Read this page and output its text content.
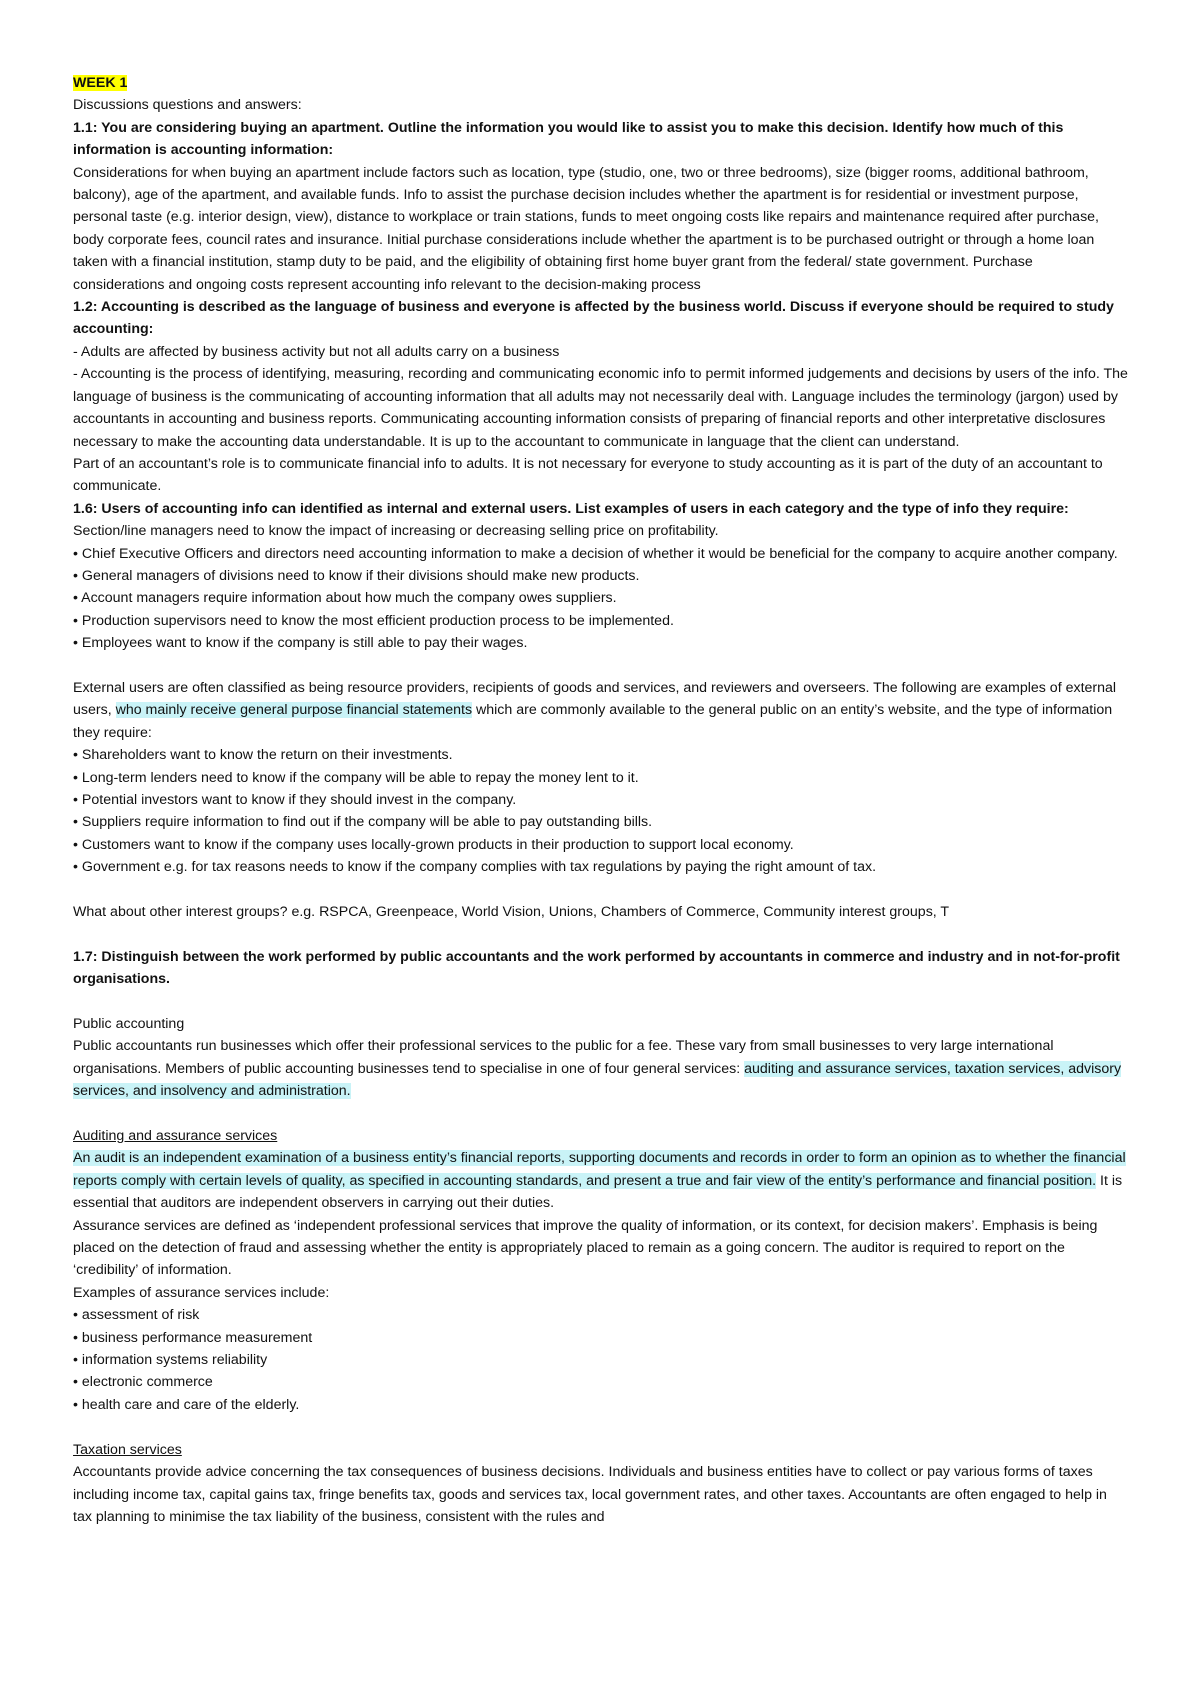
WEEK 1

Discussions questions and answers:

1.1: You are considering buying an apartment. Outline the information you would like to assist you to make this decision. Identify how much of this information is accounting information:

Considerations for when buying an apartment include factors such as location, type (studio, one, two or three bedrooms), size (bigger rooms, additional bathroom, balcony), age of the apartment, and available funds. Info to assist the purchase decision includes whether the apartment is for residential or investment purpose, personal taste (e.g. interior design, view), distance to workplace or train stations, funds to meet ongoing costs like repairs and maintenance required after purchase, body corporate fees, council rates and insurance. Initial purchase considerations include whether the apartment is to be purchased outright or through a home loan taken with a financial institution, stamp duty to be paid, and the eligibility of obtaining first home buyer grant from the federal/ state government. Purchase considerations and ongoing costs represent accounting info relevant to the decision-making process

1.2: Accounting is described as the language of business and everyone is affected by the business world. Discuss if everyone should be required to study accounting:

- Adults are affected by business activity but not all adults carry on a business

- Accounting is the process of identifying, measuring, recording and communicating economic info to permit informed judgements and decisions by users of the info. The language of business is the communicating of accounting information that all adults may not necessarily deal with. Language includes the terminology (jargon) used by accountants in accounting and business reports. Communicating accounting information consists of preparing of financial reports and other interpretative disclosures necessary to make the accounting data understandable. It is up to the accountant to communicate in language that the client can understand.

Part of an accountant’s role is to communicate financial info to adults. It is not necessary for everyone to study accounting as it is part of the duty of an accountant to communicate.

1.6: Users of accounting info can identified as internal and external users. List examples of users in each category and the type of info they require:

Section/line managers need to know the impact of increasing or decreasing selling price on profitability.

• Chief Executive Officers and directors need accounting information to make a decision of whether it would be beneficial for the company to acquire another company.

• General managers of divisions need to know if their divisions should make new products.

• Account managers require information about how much the company owes suppliers.

• Production supervisors need to know the most efficient production process to be implemented.

• Employees want to know if the company is still able to pay their wages.

External users are often classified as being resource providers, recipients of goods and services, and reviewers and overseers. The following are examples of external users, who mainly receive general purpose financial statements which are commonly available to the general public on an entity’s website, and the type of information they require:

• Shareholders want to know the return on their investments.

• Long-term lenders need to know if the company will be able to repay the money lent to it.

• Potential investors want to know if they should invest in the company.

• Suppliers require information to find out if the company will be able to pay outstanding bills.

• Customers want to know if the company uses locally-grown products in their production to support local economy.

• Government e.g. for tax reasons needs to know if the company complies with tax regulations by paying the right amount of tax.

What about other interest groups? e.g. RSPCA, Greenpeace, World Vision, Unions, Chambers of Commerce, Community interest groups, T

1.7: Distinguish between the work performed by public accountants and the work performed by accountants in commerce and industry and in not-for-profit organisations.

Public accounting

Public accountants run businesses which offer their professional services to the public for a fee. These vary from small businesses to very large international organisations. Members of public accounting businesses tend to specialise in one of four general services: auditing and assurance services, taxation services, advisory services, and insolvency and administration.

Auditing and assurance services

An audit is an independent examination of a business entity’s financial reports, supporting documents and records in order to form an opinion as to whether the financial reports comply with certain levels of quality, as specified in accounting standards, and present a true and fair view of the entity’s performance and financial position. It is essential that auditors are independent observers in carrying out their duties.

Assurance services are defined as ‘independent professional services that improve the quality of information, or its context, for decision makers’. Emphasis is being placed on the detection of fraud and assessing whether the entity is appropriately placed to remain as a going concern. The auditor is required to report on the ‘credibility’ of information.

Examples of assurance services include:

• assessment of risk

• business performance measurement

• information systems reliability

• electronic commerce

• health care and care of the elderly.

Taxation services

Accountants provide advice concerning the tax consequences of business decisions. Individuals and business entities have to collect or pay various forms of taxes including income tax, capital gains tax, fringe benefits tax, goods and services tax, local government rates, and other taxes. Accountants are often engaged to help in tax planning to minimise the tax liability of the business, consistent with the rules and
